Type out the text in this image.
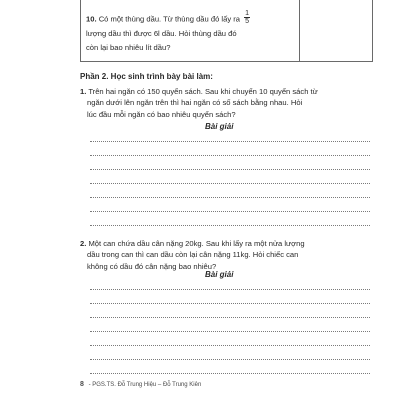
10. Có một thùng dầu. Từ thùng dầu đó lấy ra $\frac{1}{5}$
lượng dầu thì được 6l dầu. Hỏi thùng dầu đó
còn lại bao nhiêu lít dầu?
Phần 2. Học sinh trình bày bài làm:
1. Trên hai ngăn có 150 quyển sách. Sau khi chuyển 10 quyển sách từ
ngăn dưới lên ngăn trên thì hai ngăn có số sách bằng nhau. Hỏi
lúc đầu mỗi ngăn có bao nhiêu quyển sách?
Bài giải
2. Một can chứa dầu cân nặng 20kg. Sau khi lấy ra một nửa lượng
dầu trong can thì can dầu còn lại cân nặng 11kg. Hỏi chiếc can
không có dầu đó cân nặng bao nhiêu?
Bài giải
8 - PGS.TS. Đỗ Trung Hiệu – Đỗ Trung Kiên
